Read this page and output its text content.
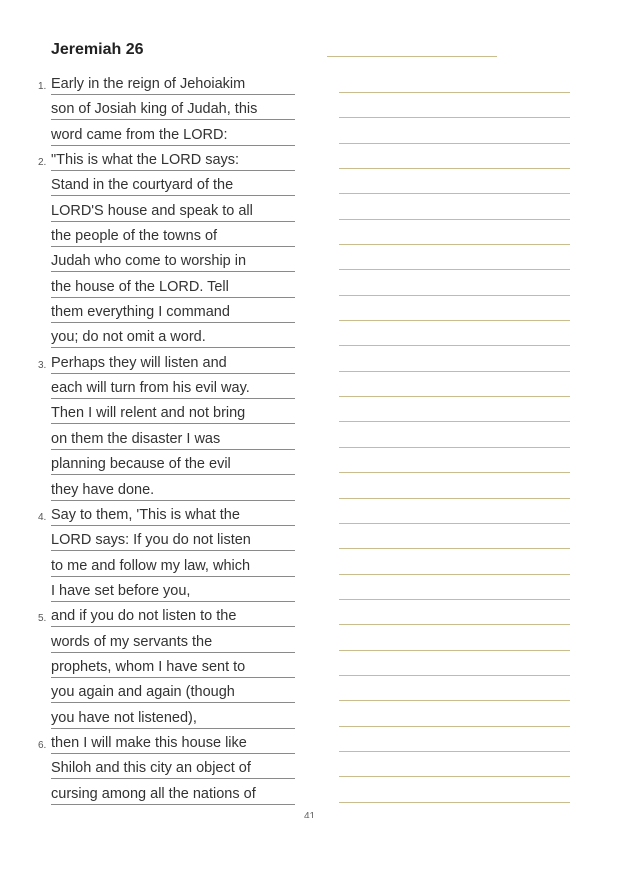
Jeremiah 26
1. Early in the reign of Jehoiakim
son of Josiah king of Judah, this
word came from the LORD:
2. "This is what the LORD says:
Stand in the courtyard of the
LORD'S house and speak to all
the people of the towns of
Judah who come to worship in
the house of the LORD. Tell
them everything I command
you; do not omit a word.
3. Perhaps they will listen and
each will turn from his evil way.
Then I will relent and not bring
on them the disaster I was
planning because of the evil
they have done.
4. Say to them, 'This is what the
LORD says: If you do not listen
to me and follow my law, which
I have set before you,
5. and if you do not listen to the
words of my servants the
prophets, whom I have sent to
you again and again (though
you have not listened),
6. then I will make this house like
Shiloh and this city an object of
cursing among all the nations of
41
